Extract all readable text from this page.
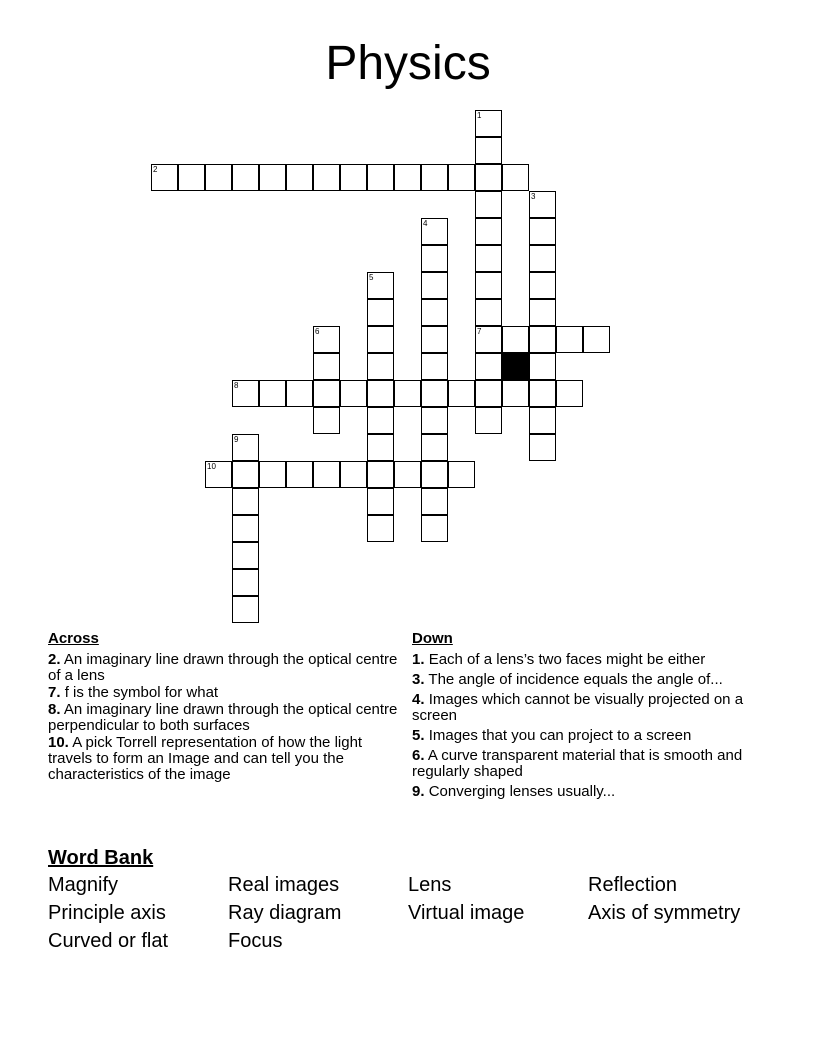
Physics
1
7
2
3
4
5
6
8
9
10
Across
2. An imaginary line drawn through the optical centre of a lens
7. f is the symbol for what
8. An imaginary line drawn through the optical centre perpendicular to both surfaces
10. A pick Torrell representation of how the light travels to form an Image and can tell you the characteristics of the image
Down
1. Each of a lens’s two faces might be either
3. The angle of incidence equals the angle of...
4. Images which cannot be visually projected on a screen
5. Images that you can project to a screen
6. A curve transparent material that is smooth and regularly shaped
9. Converging lenses usually...
Word Bank
Magnify	Real images	Lens	Reflection
Principle axis	Ray diagram	Virtual image	Axis of symmetry
Curved or flat	Focus
